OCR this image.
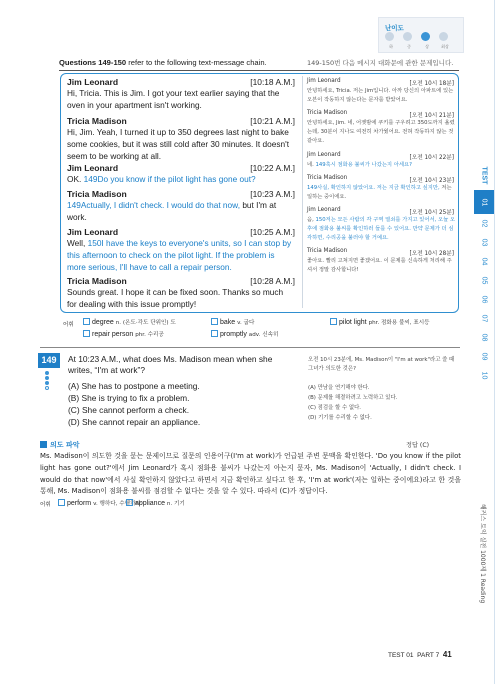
난이도
하	중	상	최상
Questions 149-150 refer to the following text-message chain.	149-150번 다음 메시지 대화문에 관한 문제입니다.
Jim Leonard	[10:18 A.M.]
Hi, Tricia. This is Jim. I got your text earlier saying that the oven in your apartment isn't working.
Tricia Madison	[10:21 A.M.]
Hi, Jim. Yeah, I turned it up to 350 degrees last night to bake some cookies, but it was still cold after 30 minutes. It doesn't seem to be working at all.
Jim Leonard	[10:22 A.M.]
OK. 149Do you know if the pilot light has gone out?
Tricia Madison	[10:23 A.M.]
149Actually, I didn't check. I would do that now, but I'm at work.
Jim Leonard	[10:25 A.M.]
Well, 150I have the keys to everyone's units, so I can stop by this afternoon to check on the pilot light. If the problem is more serious, I'll have to call a repair person.
Tricia Madison	[10:28 A.M.]
Sounds great. I hope it can be fixed soon. Thanks so much for dealing with this issue promptly!
Jim Leonard	[오전 10시 18분]
안녕하세요, Tricia. 저는 Jim입니다. 아까 당신의 아파트에 있는 오븐이 작동하지 않는다는 문자를 받았어요.
Tricia Madison	[오전 10시 21분]
안녕하세요, Jim. 네, 어젯밤에 쿠키를 구우려고 350도까지 올렸는데, 30분이 지나도 여전히 차가웠어요. 전혀 작동하지 않는 것 같아요.
Jim Leonard	[오전 10시 22분]
네. 149혹시 점화용 불씨가 나갔는지 아세요?
Tricia Madison	[오전 10시 23분]
149사실, 확인하지 않았어요. 저는 지금 확인하고 싶지만, 저는 일하는 중이에요.
Jim Leonard	[오전 10시 25분]
음, 150저는 모든 사람의 각 구역 열쇠를 가지고 있어서, 오늘 오후에 점화용 불씨를 확인하러 들를 수 있어요. 만약 문제가 더 심각하면, 수리공을 불러야 할 거예요.
Tricia Madison	[오전 10시 28분]
좋아요. 빨리 고쳐지면 좋겠어요. 이 문제를 신속하게 처리해 주셔서 정말 감사합니다!
어휘	degree n. (온도·각도 단위인) 도	bake v. 굽다	pilot light phr. 점화용 불씨, 표시등
repair person phr. 수리공	promptly adv. 신속히
149	At 10:23 A.M., what does Ms. Madison mean when she writes, “I'm at work”?
(A) She has to postpone a meeting.
(B) She is trying to fix a problem.
(C) She cannot perform a check.
(D) She cannot repair an appliance.
오전 10시 23분에, Ms. Madison이 "I'm at work"라고 쓸 때 그녀가 의도한 것은?
(A) 만남을 연기해야 한다.
(B) 문제를 해결하려고 노력하고 있다.
(C) 점검을 할 수 없다.
(D) 기기를 수리할 수 없다.
의도 파악	정답 (C)
Ms. Madison이 의도한 것을 묻는 문제이므로 질문의 인용어구(I'm at work)가 언급된 주변 문맥을 확인한다. 'Do you know if the pilot light has gone out?'에서 Jim Leonard가 혹시 점화용 불씨가 나갔는지 아는지 묻자, Ms. Madison이 'Actually, I didn't check. I would do that now'에서 사실 확인하지 않았다고 하면서 지금 확인하고 싶다고 한 후, 'I'm at work'(저는 일하는 중이에요)라고 한 것을 통해, Ms. Madison이 점화용 불씨를 점검할 수 없다는 것을 알 수 있다. 따라서 (C)가 정답이다.
어휘	perform v. 행하다, 수행하다
appliance n. 기기
TEST 01 PART 7 41
TEST
01
02
03
04
05
06
07
08
09
10
해커스 토익 실전 1000제 1 Reading
